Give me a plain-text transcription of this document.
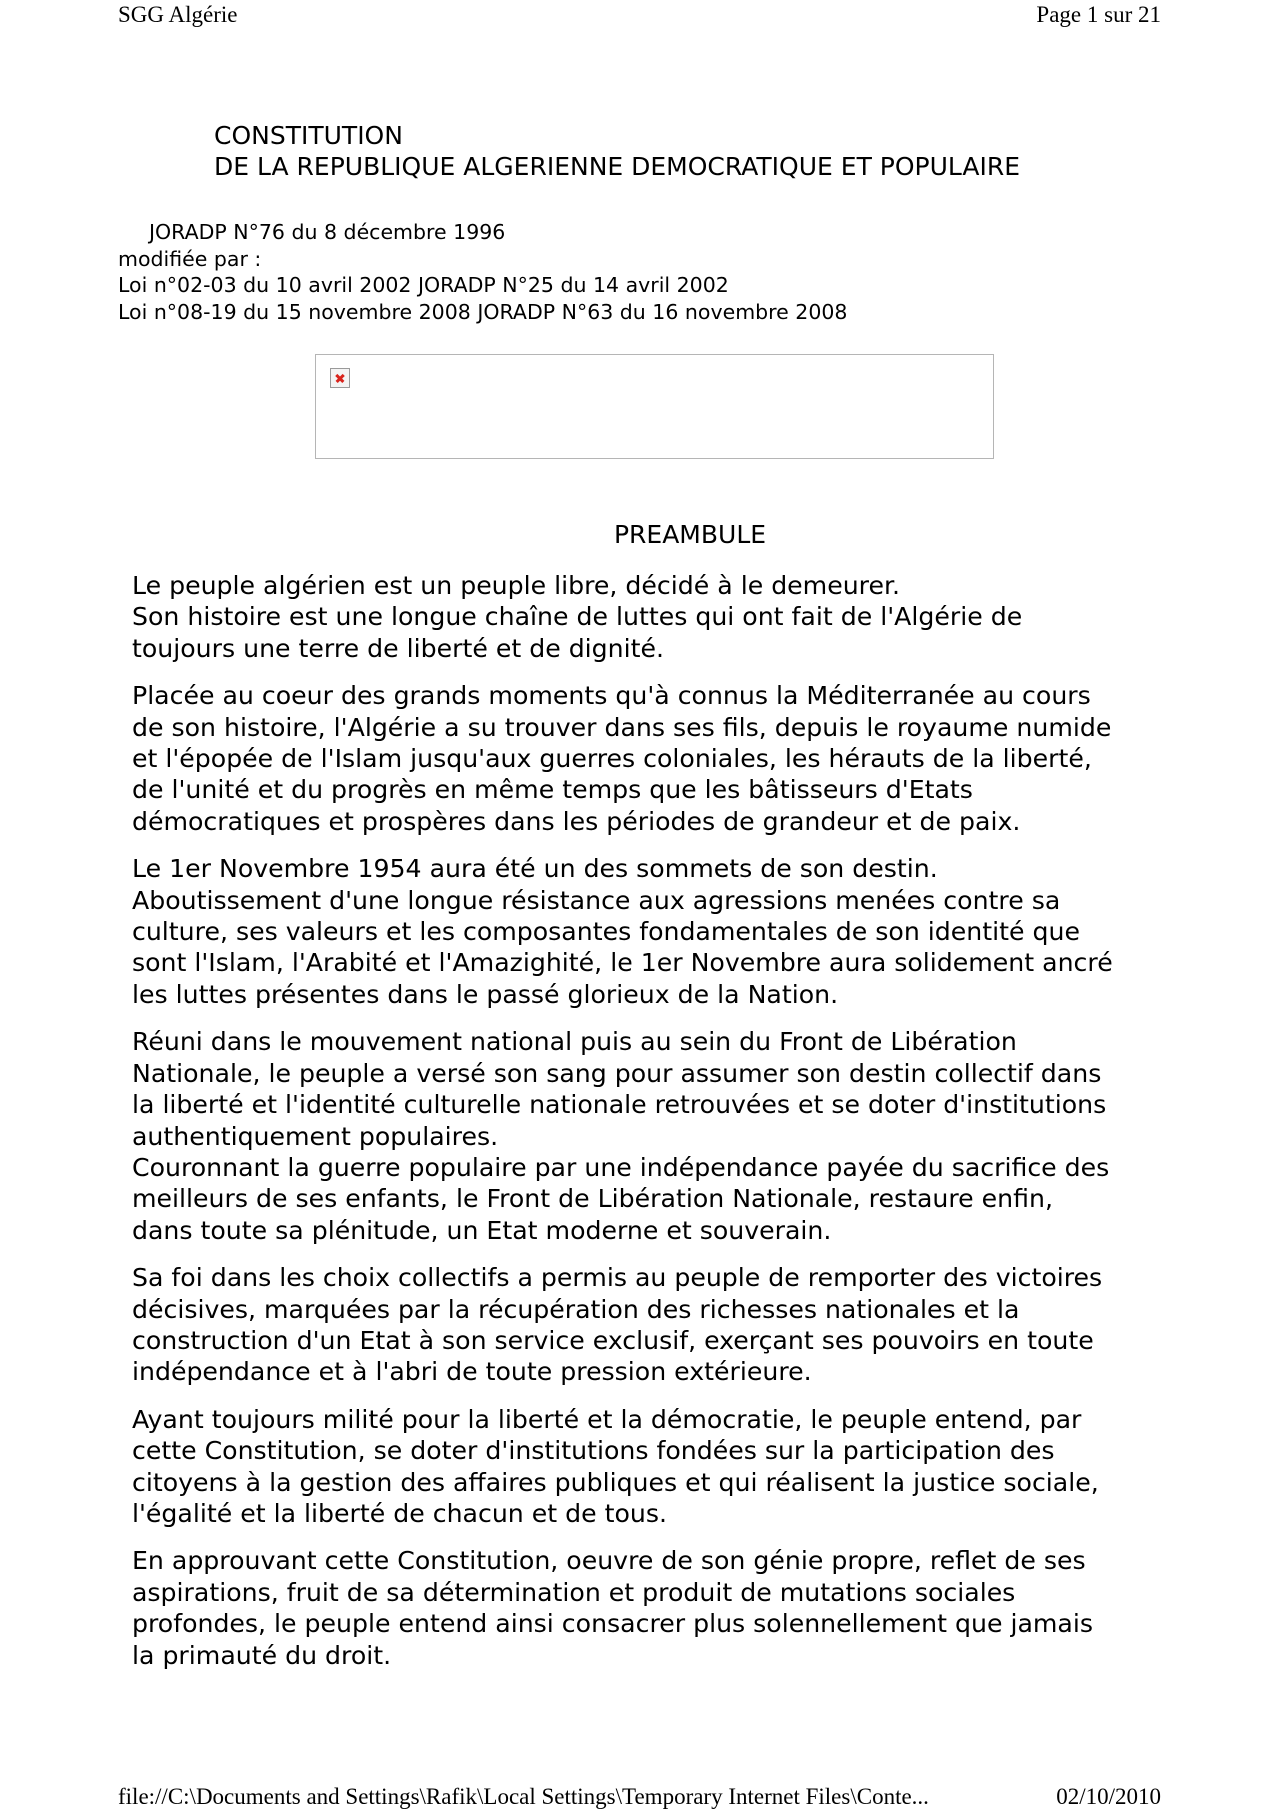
SGG Algérie	Page 1 sur 21
CONSTITUTION
DE LA REPUBLIQUE ALGERIENNE DEMOCRATIQUE ET POPULAIRE
JORADP N°76 du 8 décembre 1996
modifiée par :
Loi n°02-03 du 10 avril 2002 JORADP N°25 du 14 avril 2002
Loi n°08-19 du 15 novembre 2008 JORADP N°63 du 16 novembre 2008
PREAMBULE

Le peuple algérien est un peuple libre, décidé à le demeurer.
Son histoire est une longue chaîne de luttes qui ont fait de l'Algérie de
toujours une terre de liberté et de dignité.

Placée au coeur des grands moments qu'à connus la Méditerranée au cours
de son histoire, l'Algérie a su trouver dans ses fils, depuis le royaume numide
et l'épopée de l'Islam jusqu'aux guerres coloniales, les hérauts de la liberté,
de l'unité et du progrès en même temps que les bâtisseurs d'Etats
démocratiques et prospères dans les périodes de grandeur et de paix.

Le 1er Novembre 1954 aura été un des sommets de son destin.
Aboutissement d'une longue résistance aux agressions menées contre sa
culture, ses valeurs et les composantes fondamentales de son identité que
sont l'Islam, l'Arabité et l'Amazighité, le 1er Novembre aura solidement ancré
les luttes présentes dans le passé glorieux de la Nation.

Réuni dans le mouvement national puis au sein du Front de Libération
Nationale, le peuple a versé son sang pour assumer son destin collectif dans
la liberté et l'identité culturelle nationale retrouvées et se doter d'institutions
authentiquement populaires.
Couronnant la guerre populaire par une indépendance payée du sacrifice des
meilleurs de ses enfants, le Front de Libération Nationale, restaure enfin,
dans toute sa plénitude, un Etat moderne et souverain.

Sa foi dans les choix collectifs a permis au peuple de remporter des victoires
décisives, marquées par la récupération des richesses nationales et la
construction d'un Etat à son service exclusif, exerçant ses pouvoirs en toute
indépendance et à l'abri de toute pression extérieure.

Ayant toujours milité pour la liberté et la démocratie, le peuple entend, par
cette Constitution, se doter d'institutions fondées sur la participation des
citoyens à la gestion des affaires publiques et qui réalisent la justice sociale,
l'égalité et la liberté de chacun et de tous.

En approuvant cette Constitution, oeuvre de son génie propre, reflet de ses
aspirations, fruit de sa détermination et produit de mutations sociales
profondes, le peuple entend ainsi consacrer plus solennellement que jamais
la primauté du droit.

file://C:\Documents and Settings\Rafik\Local Settings\Temporary Internet Files\Conte...	02/10/2010
